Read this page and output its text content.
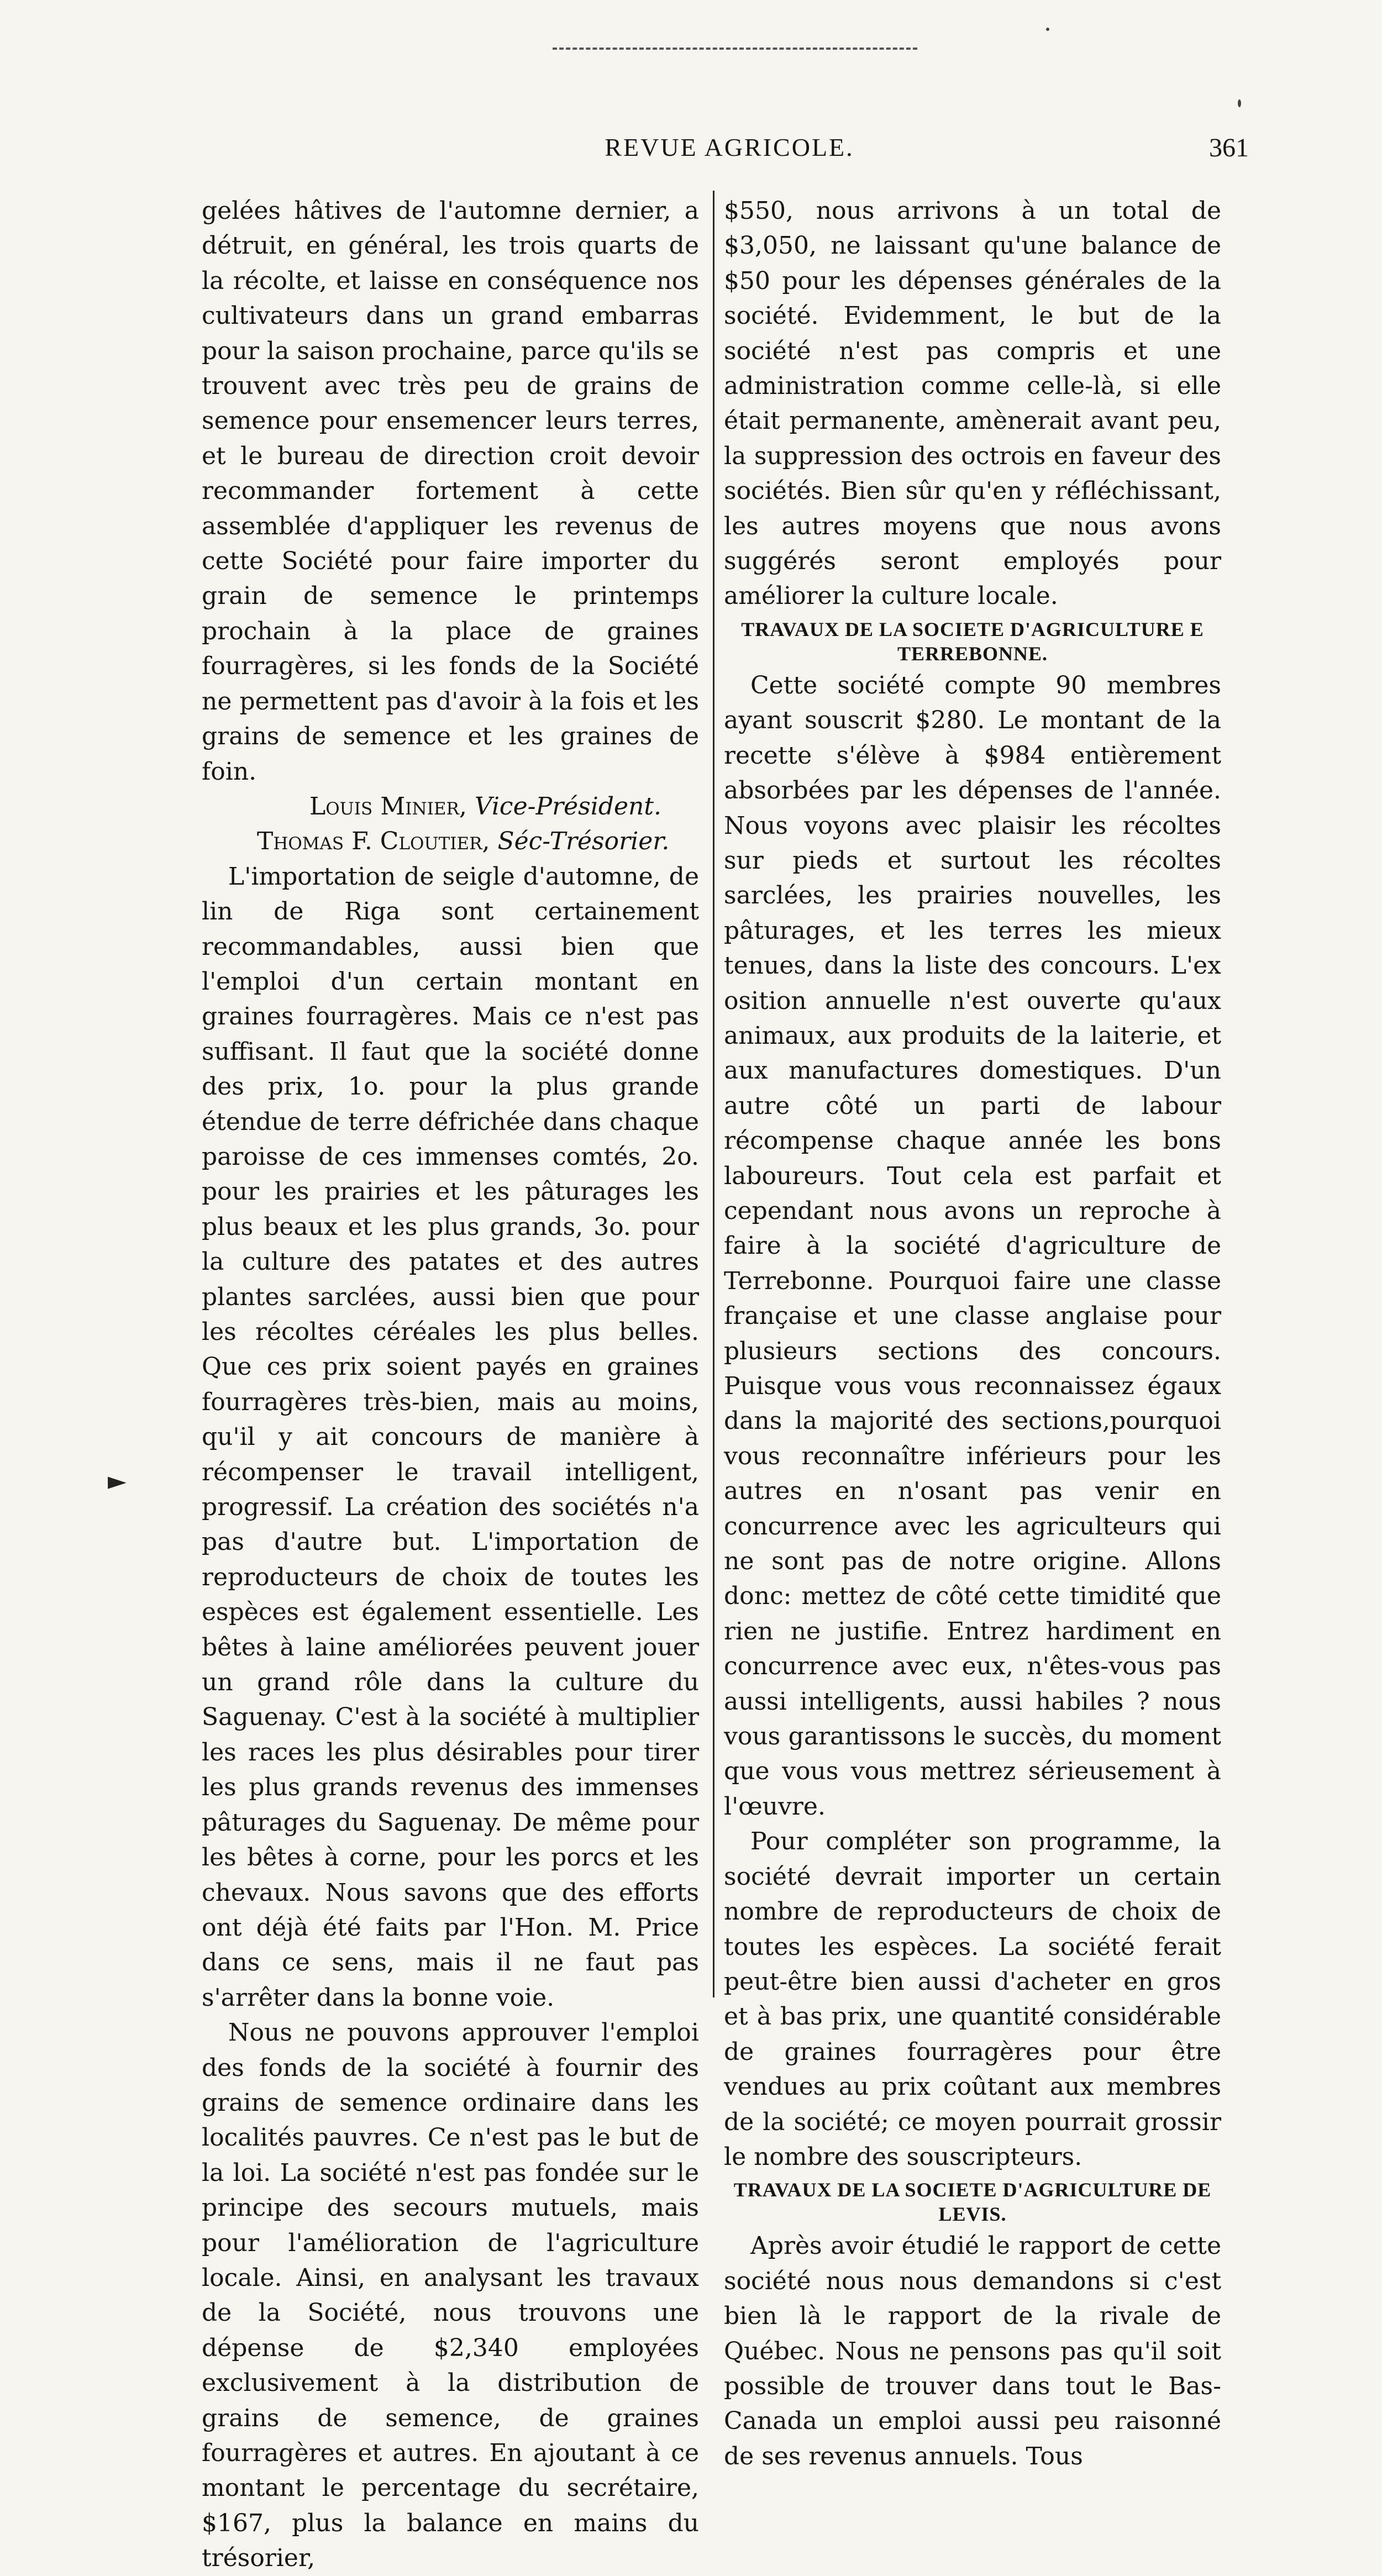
REVUE AGRICOLE.	361
►

gelées hâtives de l'automne dernier, a détruit, en général, les trois quarts de la récolte, et laisse en conséquence nos cultivateurs dans un grand embarras pour la saison prochaine, parce qu'ils se trouvent avec très peu de grains de semence pour ensemencer leurs terres, et le bureau de direction croit devoir recommander fortement à cette assemblée d'appliquer les revenus de cette Société pour faire importer du grain de semence le printemps prochain à la place de graines fourragères, si les fonds de la Société ne permettent pas d'avoir à la fois et les grains de semence et les graines de foin.

Louis Minier, Vice-Président.
Thomas F. Cloutier, Séc-Trésorier.

L'importation de seigle d'automne, de lin de Riga sont certainement recommandables, aussi bien que l'emploi d'un certain montant en graines fourragères. Mais ce n'est pas suffisant. Il faut que la société donne des prix, 1o. pour la plus grande étendue de terre défrichée dans chaque paroisse de ces immenses comtés, 2o. pour les prairies et les pâturages les plus beaux et les plus grands, 3o. pour la culture des patates et des autres plantes sarclées, aussi bien que pour les récoltes céréales les plus belles. Que ces prix soient payés en graines fourragères très-bien, mais au moins, qu'il y ait concours de manière à récompenser le travail intelligent, progressif. La création des sociétés n'a pas d'autre but. L'importation de reproducteurs de choix de toutes les espèces est également essentielle. Les bêtes à laine améliorées peuvent jouer un grand rôle dans la culture du Saguenay. C'est à la société à multiplier les races les plus désirables pour tirer les plus grands revenus des immenses pâturages du Saguenay. De même pour les bêtes à corne, pour les porcs et les chevaux. Nous savons que des efforts ont déjà été faits par l'Hon. M. Price dans ce sens, mais il ne faut pas s'arrêter dans la bonne voie.

Nous ne pouvons approuver l'emploi des fonds de la société à fournir des grains de semence ordinaire dans les localités pauvres. Ce n'est pas le but de la loi. La société n'est pas fondée sur le principe des secours mutuels, mais pour l'amélioration de l'agriculture locale. Ainsi, en analysant les travaux de la Société, nous trouvons une dépense de $2,340 employées exclusivement à la distribution de grains de semence, de graines fourragères et autres. En ajoutant à ce montant le percentage du secrétaire, $167, plus la balance en mains du trésorier,

$550, nous arrivons à un total de $3,050, ne laissant qu'une balance de $50 pour les dépenses générales de la société. Evidemment, le but de la société n'est pas compris et une administration comme celle-là, si elle était permanente, amènerait avant peu, la suppression des octrois en faveur des sociétés. Bien sûr qu'en y réfléchissant, les autres moyens que nous avons suggérés seront employés pour améliorer la culture locale.

TRAVAUX DE LA SOCIETE D'AGRICULTURE E TERREBONNE.

Cette société compte 90 membres ayant souscrit $280. Le montant de la recette s'élève à $984 entièrement absorbées par les dépenses de l'année. Nous voyons avec plaisir les récoltes sur pieds et surtout les récoltes sarclées, les prairies nouvelles, les pâturages, et les terres les mieux tenues, dans la liste des concours. L'ex osition annuelle n'est ouverte qu'aux animaux, aux produits de la laiterie, et aux manufactures domestiques. D'un autre côté un parti de labour récompense chaque année les bons laboureurs. Tout cela est parfait et cependant nous avons un reproche à faire à la société d'agriculture de Terrebonne. Pourquoi faire une classe française et une classe anglaise pour plusieurs sections des concours. Puisque vous vous reconnaissez égaux dans la majorité des sections,pourquoi vous reconnaître inférieurs pour les autres en n'osant pas venir en concurrence avec les agriculteurs qui ne sont pas de notre origine. Allons donc: mettez de côté cette timidité que rien ne justifie. Entrez hardiment en concurrence avec eux, n'êtes-vous pas aussi intelligents, aussi habiles ? nous vous garantissons le succès, du moment que vous vous mettrez sérieusement à l'œuvre.

Pour compléter son programme, la société devrait importer un certain nombre de reproducteurs de choix de toutes les espèces. La société ferait peut-être bien aussi d'acheter en gros et à bas prix, une quantité considérable de graines fourragères pour être vendues au prix coûtant aux membres de la société; ce moyen pourrait grossir le nombre des souscripteurs.

TRAVAUX DE LA SOCIETE D'AGRICULTURE DE LEVIS.

Après avoir étudié le rapport de cette société nous nous demandons si c'est bien là le rapport de la rivale de Québec. Nous ne pensons pas qu'il soit possible de trouver dans tout le Bas-Canada un emploi aussi peu raisonné de ses revenus annuels. Tous
